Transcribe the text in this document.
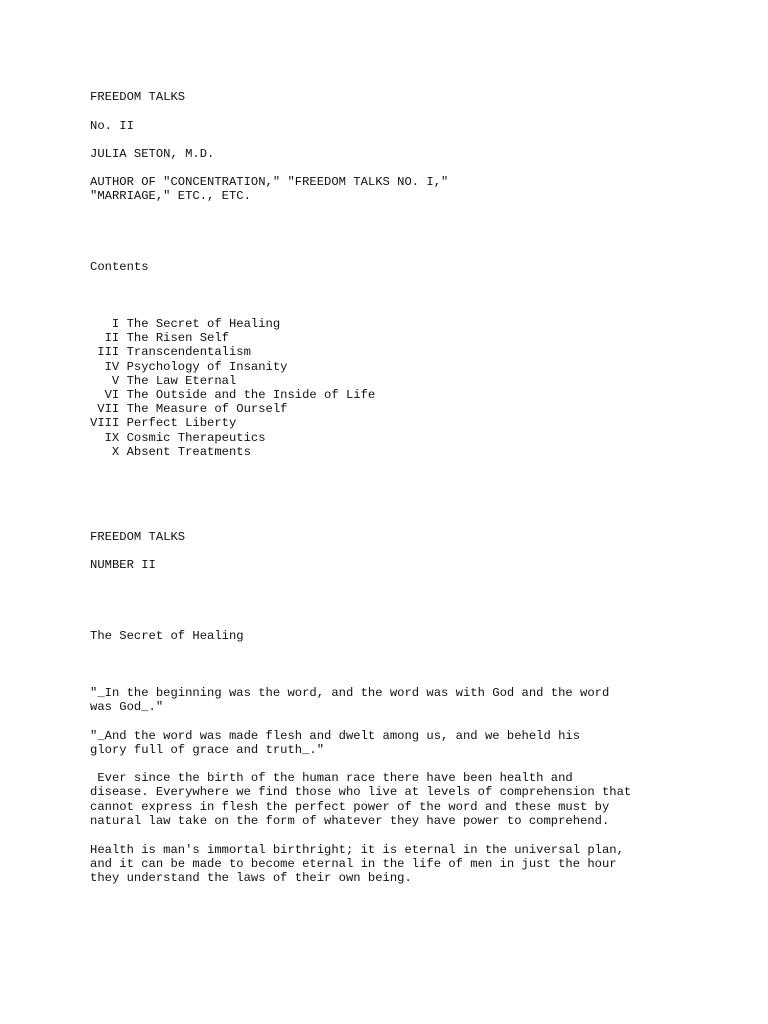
FREEDOM TALKS

No. II

JULIA SETON, M.D.

AUTHOR OF "CONCENTRATION," "FREEDOM TALKS NO. I,"

"MARRIAGE," ETC., ETC.

Contents

I The Secret of Healing

II The Risen Self

III Transcendentalism

IV Psychology of Insanity

V The Law Eternal

VI The Outside and the Inside of Life

VII The Measure of Ourself

VIII Perfect Liberty

IX Cosmic Therapeutics

X Absent Treatments

FREEDOM TALKS

NUMBER II

The Secret of Healing

"_In the beginning was the word, and the word was with God and the word

was God_."

"_And the word was made flesh and dwelt among us, and we beheld his

glory full of grace and truth_."

Ever since the birth of the human race there have been health and

disease. Everywhere we find those who live at levels of comprehension that

cannot express in flesh the perfect power of the word and these must by

natural law take on the form of whatever they have power to comprehend.

Health is man's immortal birthright; it is eternal in the universal plan,

and it can be made to become eternal in the life of men in just the hour

they understand the laws of their own being.
